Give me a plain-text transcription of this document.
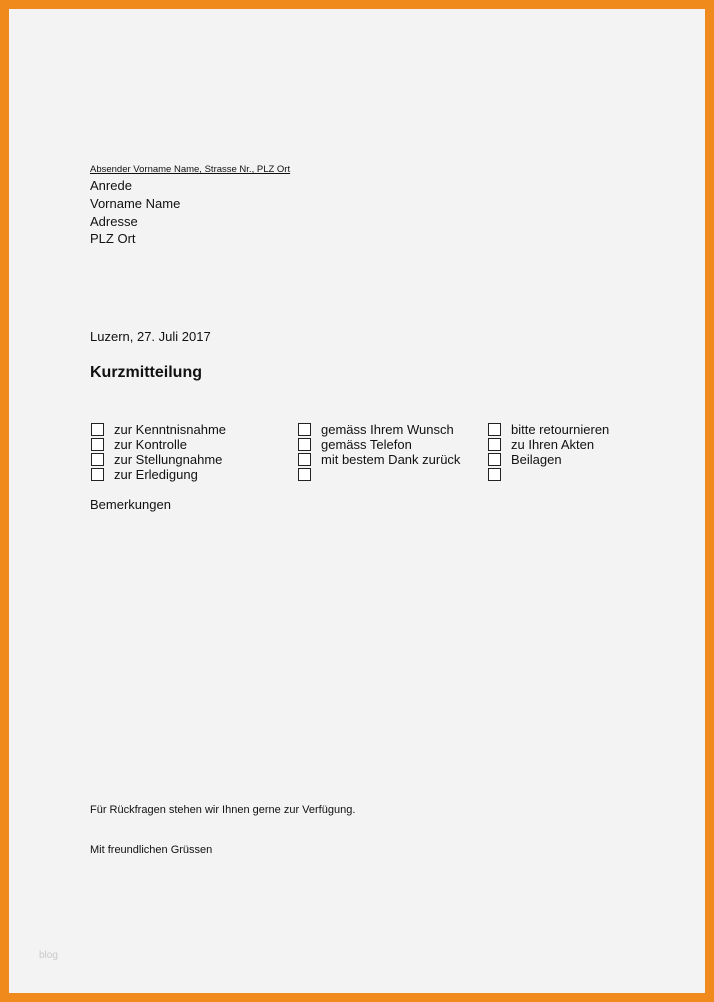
Absender Vorname Name, Strasse Nr., PLZ Ort
Anrede
Vorname Name
Adresse
PLZ Ort
Luzern, 27. Juli 2017
Kurzmitteilung
zur Kenntnisnahme
zur Kontrolle
zur Stellungnahme
zur Erledigung
gemäss Ihrem Wunsch
gemäss Telefon
mit bestem Dank zurück
bitte retournieren
zu Ihren Akten
Beilagen
Bemerkungen
Für Rückfragen stehen wir Ihnen gerne zur Verfügung.
Mit freundlichen Grüssen
blog
